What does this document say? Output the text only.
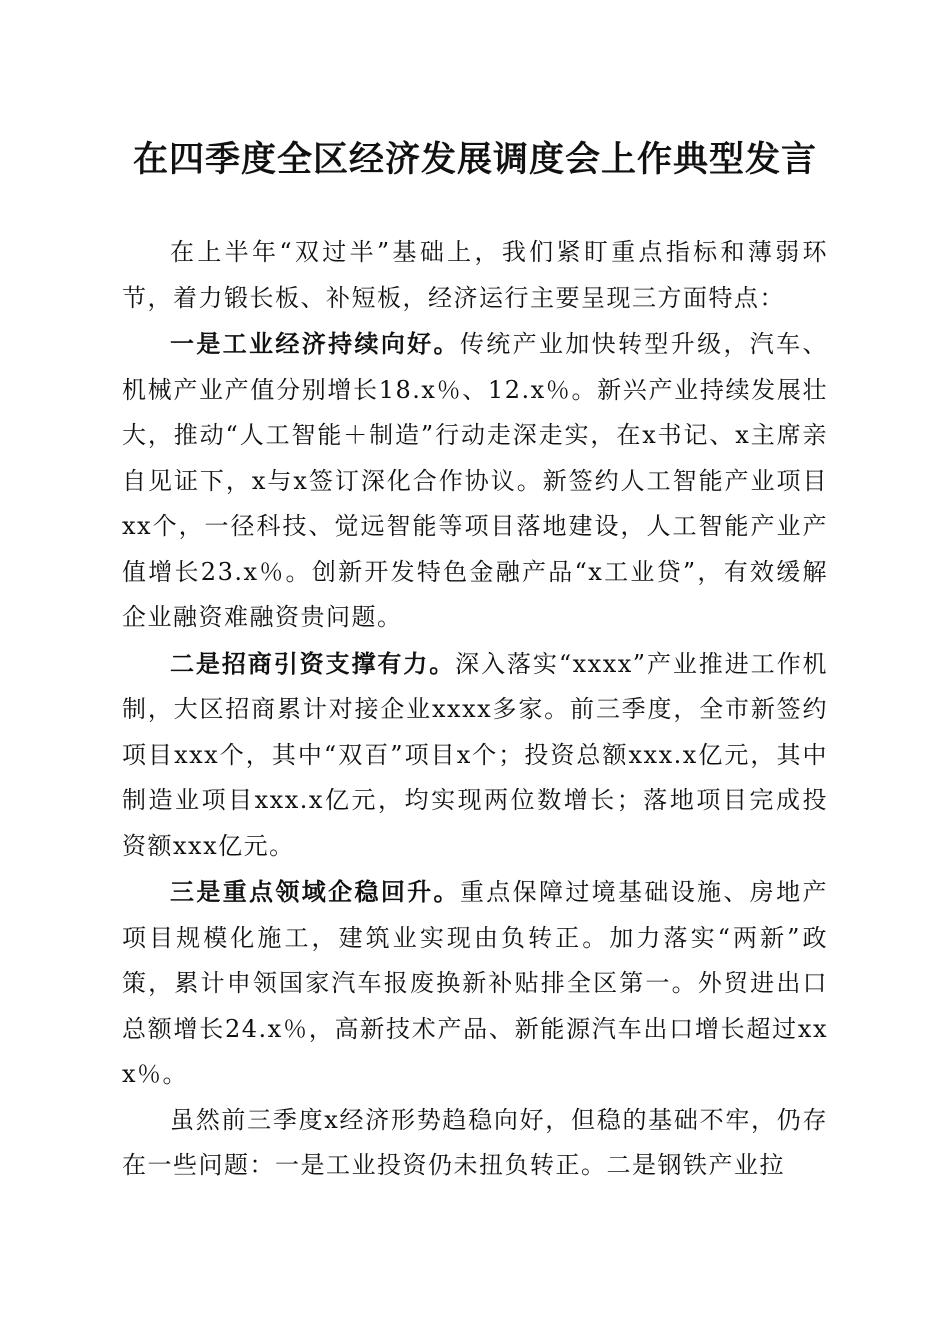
在四季度全区经济发展调度会上作典型发言

在上半年“双过半”基础上，我们紧盯重点指标和薄弱环节，着力锻长板、补短板，经济运行主要呈现三方面特点：

一是工业经济持续向好。传统产业加快转型升级，汽车、机械产业产值分别增长18.x％、12.x％。新兴产业持续发展壮大，推动“人工智能＋制造”行动走深走实，在x书记、x主席亲自见证下，x与x签订深化合作协议。新签约人工智能产业项目xx个，一径科技、觉远智能等项目落地建设，人工智能产业产值增长23.x％。创新开发特色金融产品“x工业贷”，有效缓解企业融资难融资贵问题。

二是招商引资支撑有力。深入落实“xxxx”产业推进工作机制，大区招商累计对接企业xxxx多家。前三季度，全市新签约项目xxx个，其中“双百”项目x个；投资总额xxx.x亿元，其中制造业项目xxx.x亿元，均实现两位数增长；落地项目完成投资额xxx亿元。

三是重点领域企稳回升。重点保障过境基础设施、房地产项目规模化施工，建筑业实现由负转正。加力落实“两新”政策，累计申领国家汽车报废换新补贴排全区第一。外贸进出口总额增长24.x％，高新技术产品、新能源汽车出口增长超过xxx％。

虽然前三季度x经济形势趋稳向好，但稳的基础不牢，仍存在一些问题：一是工业投资仍未扭负转正。二是钢铁产业拉
